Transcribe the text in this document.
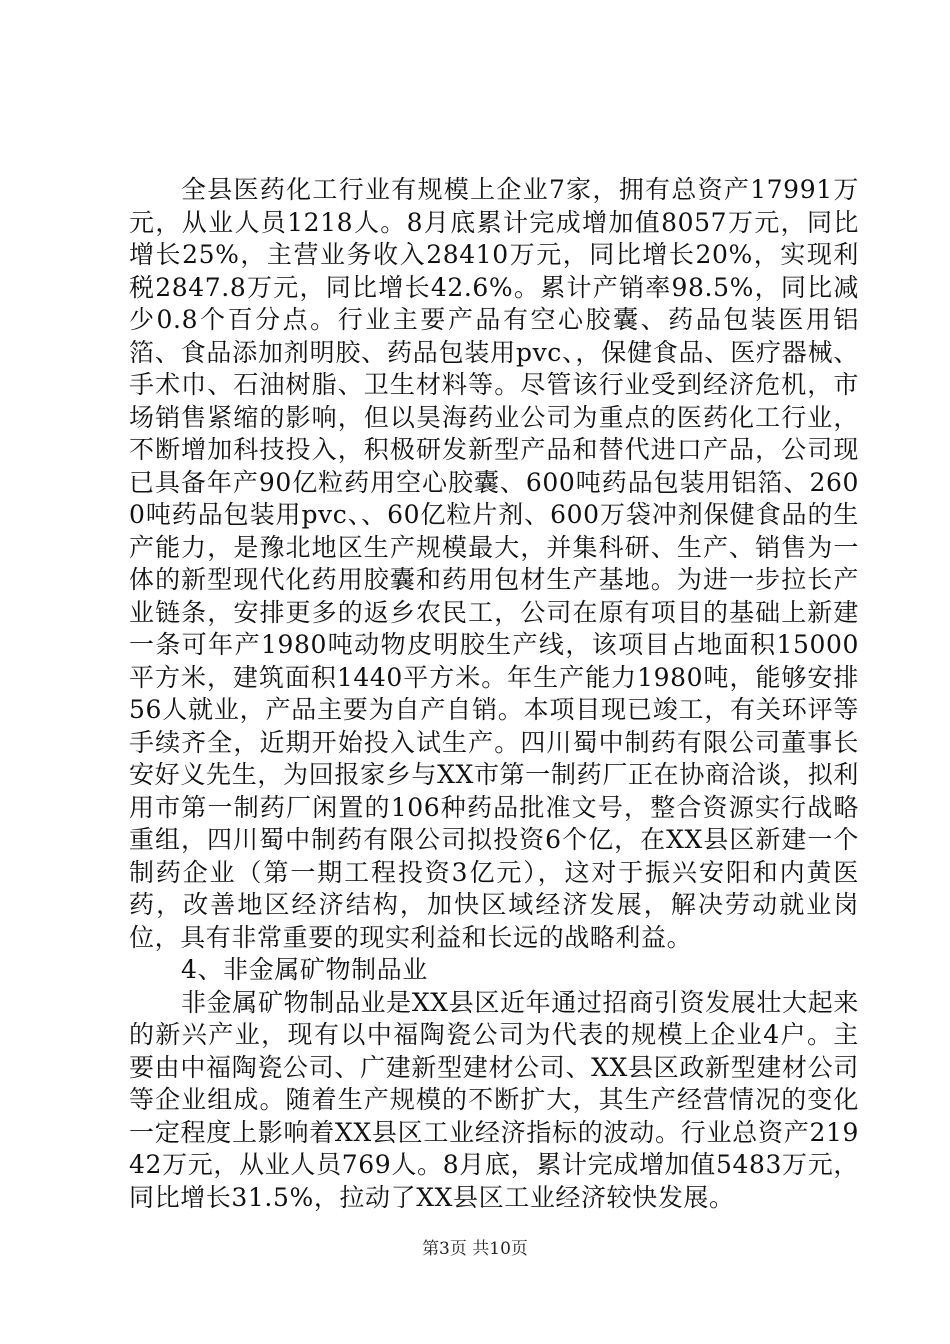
全县医药化工行业有规模上企业7家，拥有总资产17991万元，从业人员1218人。8月底累计完成增加值8057万元，同比增长25%，主营业务收入28410万元，同比增长20%，实现利税2847.8万元，同比增长42.6%。累计产销率98.5%，同比减少0.8个百分点。行业主要产品有空心胶囊、药品包装医用铝箔、食品添加剂明胶、药品包装用pvc、，保健食品、医疗器械、手术巾、石油树脂、卫生材料等。尽管该行业受到经济危机，市场销售紧缩的影响，但以昊海药业公司为重点的医药化工行业，不断增加科技投入，积极研发新型产品和替代进口产品，公司现已具备年产90亿粒药用空心胶囊、600吨药品包装用铝箔、2600吨药品包装用pvc、、60亿粒片剂、600万袋冲剂保健食品的生产能力，是豫北地区生产规模最大，并集科研、生产、销售为一体的新型现代化药用胶囊和药用包材生产基地。为进一步拉长产业链条，安排更多的返乡农民工，公司在原有项目的基础上新建一条可年产1980吨动物皮明胶生产线，该项目占地面积15000平方米，建筑面积1440平方米。年生产能力1980吨，能够安排56人就业，产品主要为自产自销。本项目现已竣工，有关环评等手续齐全，近期开始投入试生产。四川蜀中制药有限公司董事长安好义先生，为回报家乡与XX市第一制药厂正在协商洽谈，拟利用市第一制药厂闲置的106种药品批准文号，整合资源实行战略重组，四川蜀中制药有限公司拟投资6个亿，在XX县区新建一个制药企业（第一期工程投资3亿元），这对于振兴安阳和内黄医药，改善地区经济结构，加快区域经济发展，解决劳动就业岗位，具有非常重要的现实利益和长远的战略利益。

4、非金属矿物制品业

非金属矿物制品业是XX县区近年通过招商引资发展壮大起来的新兴产业，现有以中福陶瓷公司为代表的规模上企业4户。主要由中福陶瓷公司、广建新型建材公司、XX县区政新型建材公司等企业组成。随着生产规模的不断扩大，其生产经营情况的变化一定程度上影响着XX县区工业经济指标的波动。行业总资产21942万元，从业人员769人。8月底，累计完成增加值5483万元，同比增长31.5%，拉动了XX县区工业经济较快发展。

第3页 共10页
